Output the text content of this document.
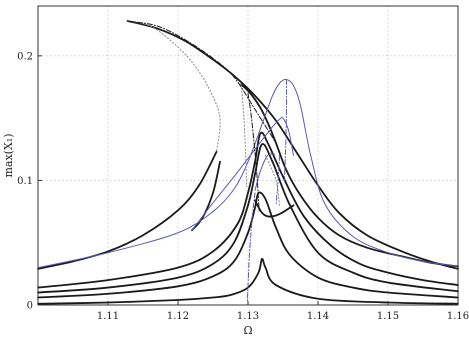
1.11	1.12	1.13	1.14	1.15	1.16
0
0.1
0.2
Ω
max(X₁)
